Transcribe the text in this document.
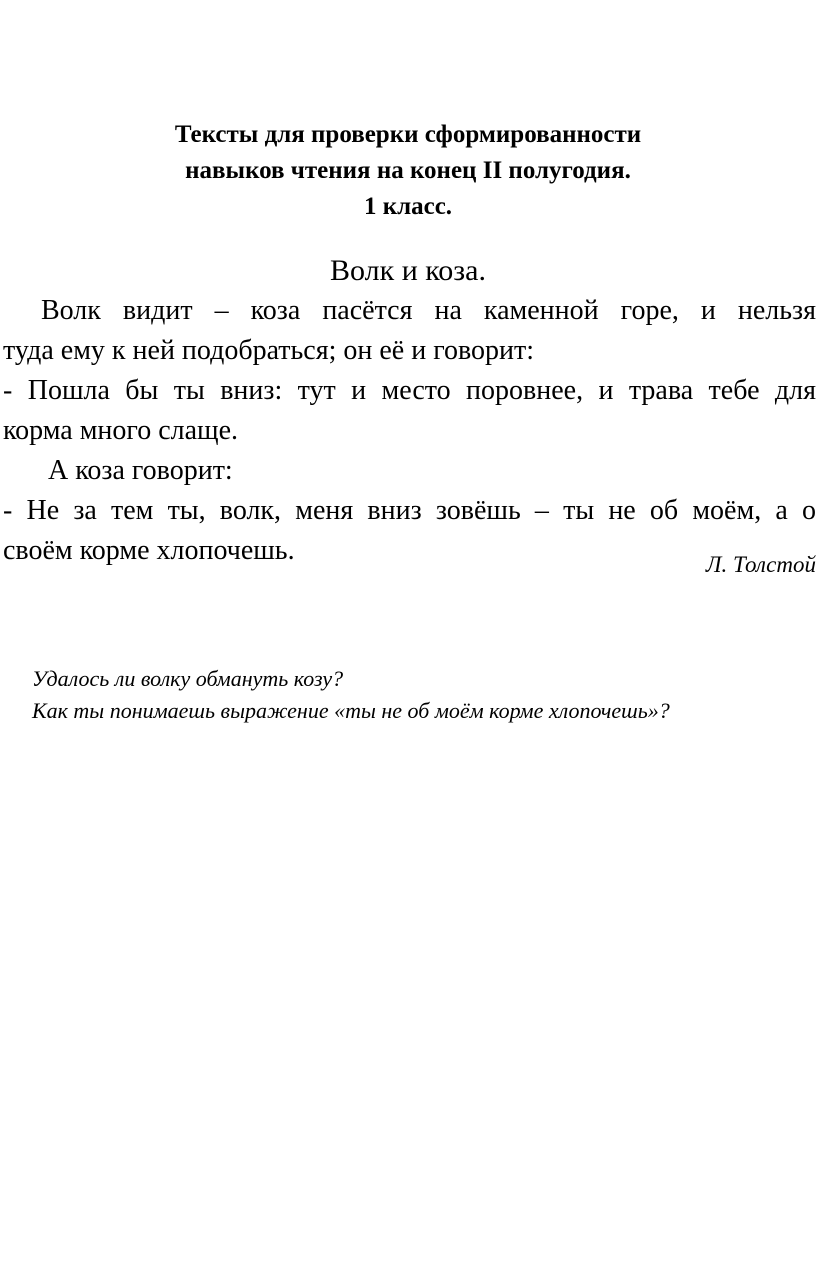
Тексты для проверки сформированности
навыков чтения на конец II полугодия.
1 класс.
Волк и коза.
Волк видит – коза пасётся на каменной горе, и нельзя
туда ему к ней подобраться; он её и говорит:
- Пошла бы ты вниз: тут и место поровнее, и трава тебе для
корма много слаще.
А коза говорит:
- Не за тем ты, волк, меня вниз зовёшь – ты не об моём, а о
своём корме хлопочешь.	Л. Толстой
Удалось ли волку обмануть козу?
Как ты понимаешь выражение «ты не об моём корме хлопочешь»?
